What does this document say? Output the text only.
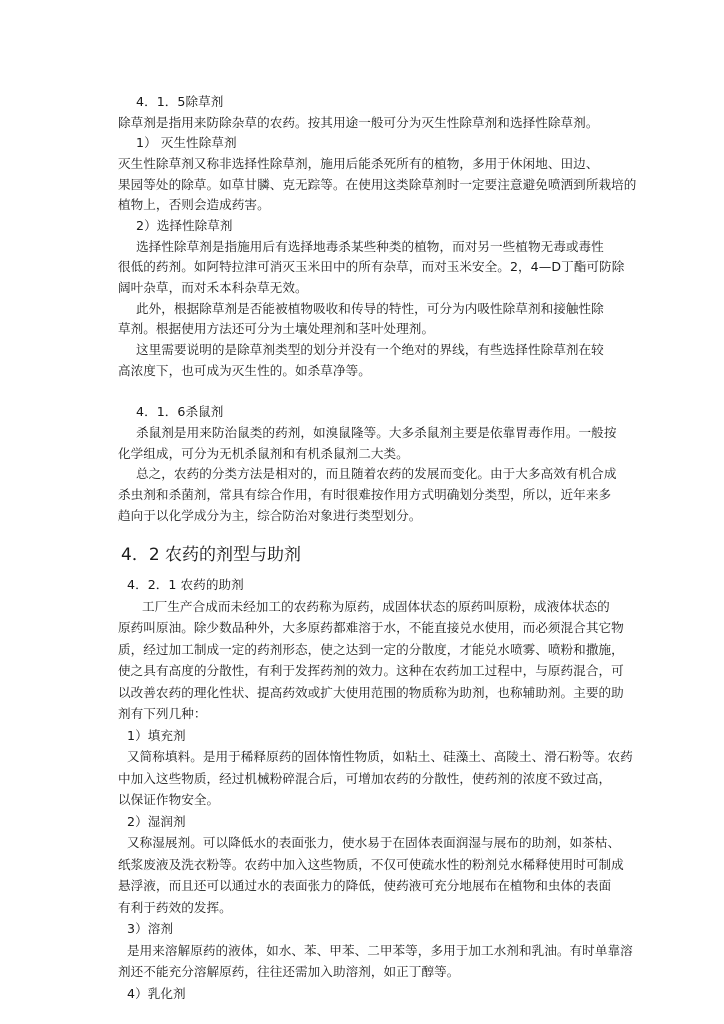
4．1．5除草剂
除草剂是指用来防除杂草的农药。按其用途一般可分为灭生性除草剂和选择性除草剂。
1） 灭生性除草剂
灭生性除草剂又称非选择性除草剂，施用后能杀死所有的植物，多用于休闲地、田边、
果园等处的除草。如草甘膦、克无踪等。在使用这类除草剂时一定要注意避免喷洒到所栽培的
植物上，否则会造成药害。
2）选择性除草剂
选择性除草剂是指施用后有选择地毒杀某些种类的植物，而对另一些植物无毒或毒性
很低的药剂。如阿特拉津可消灭玉米田中的所有杂草，而对玉米安全。2，4—D丁酯可防除
阔叶杂草，而对禾本科杂草无效。
此外，根据除草剂是否能被植物吸收和传导的特性，可分为内吸性除草剂和接触性除
草剂。根据使用方法还可分为土壤处理剂和茎叶处理剂。
这里需要说明的是除草剂类型的划分并没有一个绝对的界线，有些选择性除草剂在较
高浓度下，也可成为灭生性的。如杀草净等。
4．1．6杀鼠剂
杀鼠剂是用来防治鼠类的药剂，如溴鼠隆等。大多杀鼠剂主要是依靠胃毒作用。一般按
化学组成，可分为无机杀鼠剂和有机杀鼠剂二大类。
总之，农药的分类方法是相对的，而且随着农药的发展而变化。由于大多高效有机合成
杀虫剂和杀菌剂，常具有综合作用，有时很难按作用方式明确划分类型，所以，近年来多
趋向于以化学成分为主，综合防治对象进行类型划分。
4．2 农药的剂型与助剂
4．2．1 农药的助剂
工厂生产合成而未经加工的农药称为原药，成固体状态的原药叫原粉，成液体状态的
原药叫原油。除少数品种外，大多原药都难溶于水，不能直接兑水使用，而必须混合其它物
质，经过加工制成一定的药剂形态，使之达到一定的分散度，才能兑水喷雾、喷粉和撒施，
使之具有高度的分散性，有利于发挥药剂的效力。这种在农药加工过程中，与原药混合，可
以改善农药的理化性状、提高药效或扩大使用范围的物质称为助剂，也称辅助剂。主要的助
剂有下列几种：
1）填充剂
又简称填料。是用于稀释原药的固体惰性物质，如粘土、硅藻土、高陵土、滑石粉等。农药
中加入这些物质，经过机械粉碎混合后，可增加农药的分散性，使药剂的浓度不致过高，
以保证作物安全。
2）湿润剂
又称湿展剂。可以降低水的表面张力，使水易于在固体表面润湿与展布的助剂，如茶枯、
纸浆废液及洗衣粉等。农药中加入这些物质，不仅可使疏水性的粉剂兑水稀释使用时可制成
悬浮液，而且还可以通过水的表面张力的降低，使药液可充分地展布在植物和虫体的表面
有利于药效的发挥。
3）溶剂
是用来溶解原药的液体，如水、苯、甲苯、二甲苯等，多用于加工水剂和乳油。有时单靠溶
剂还不能充分溶解原药，往往还需加入助溶剂，如正丁醇等。
4）乳化剂
